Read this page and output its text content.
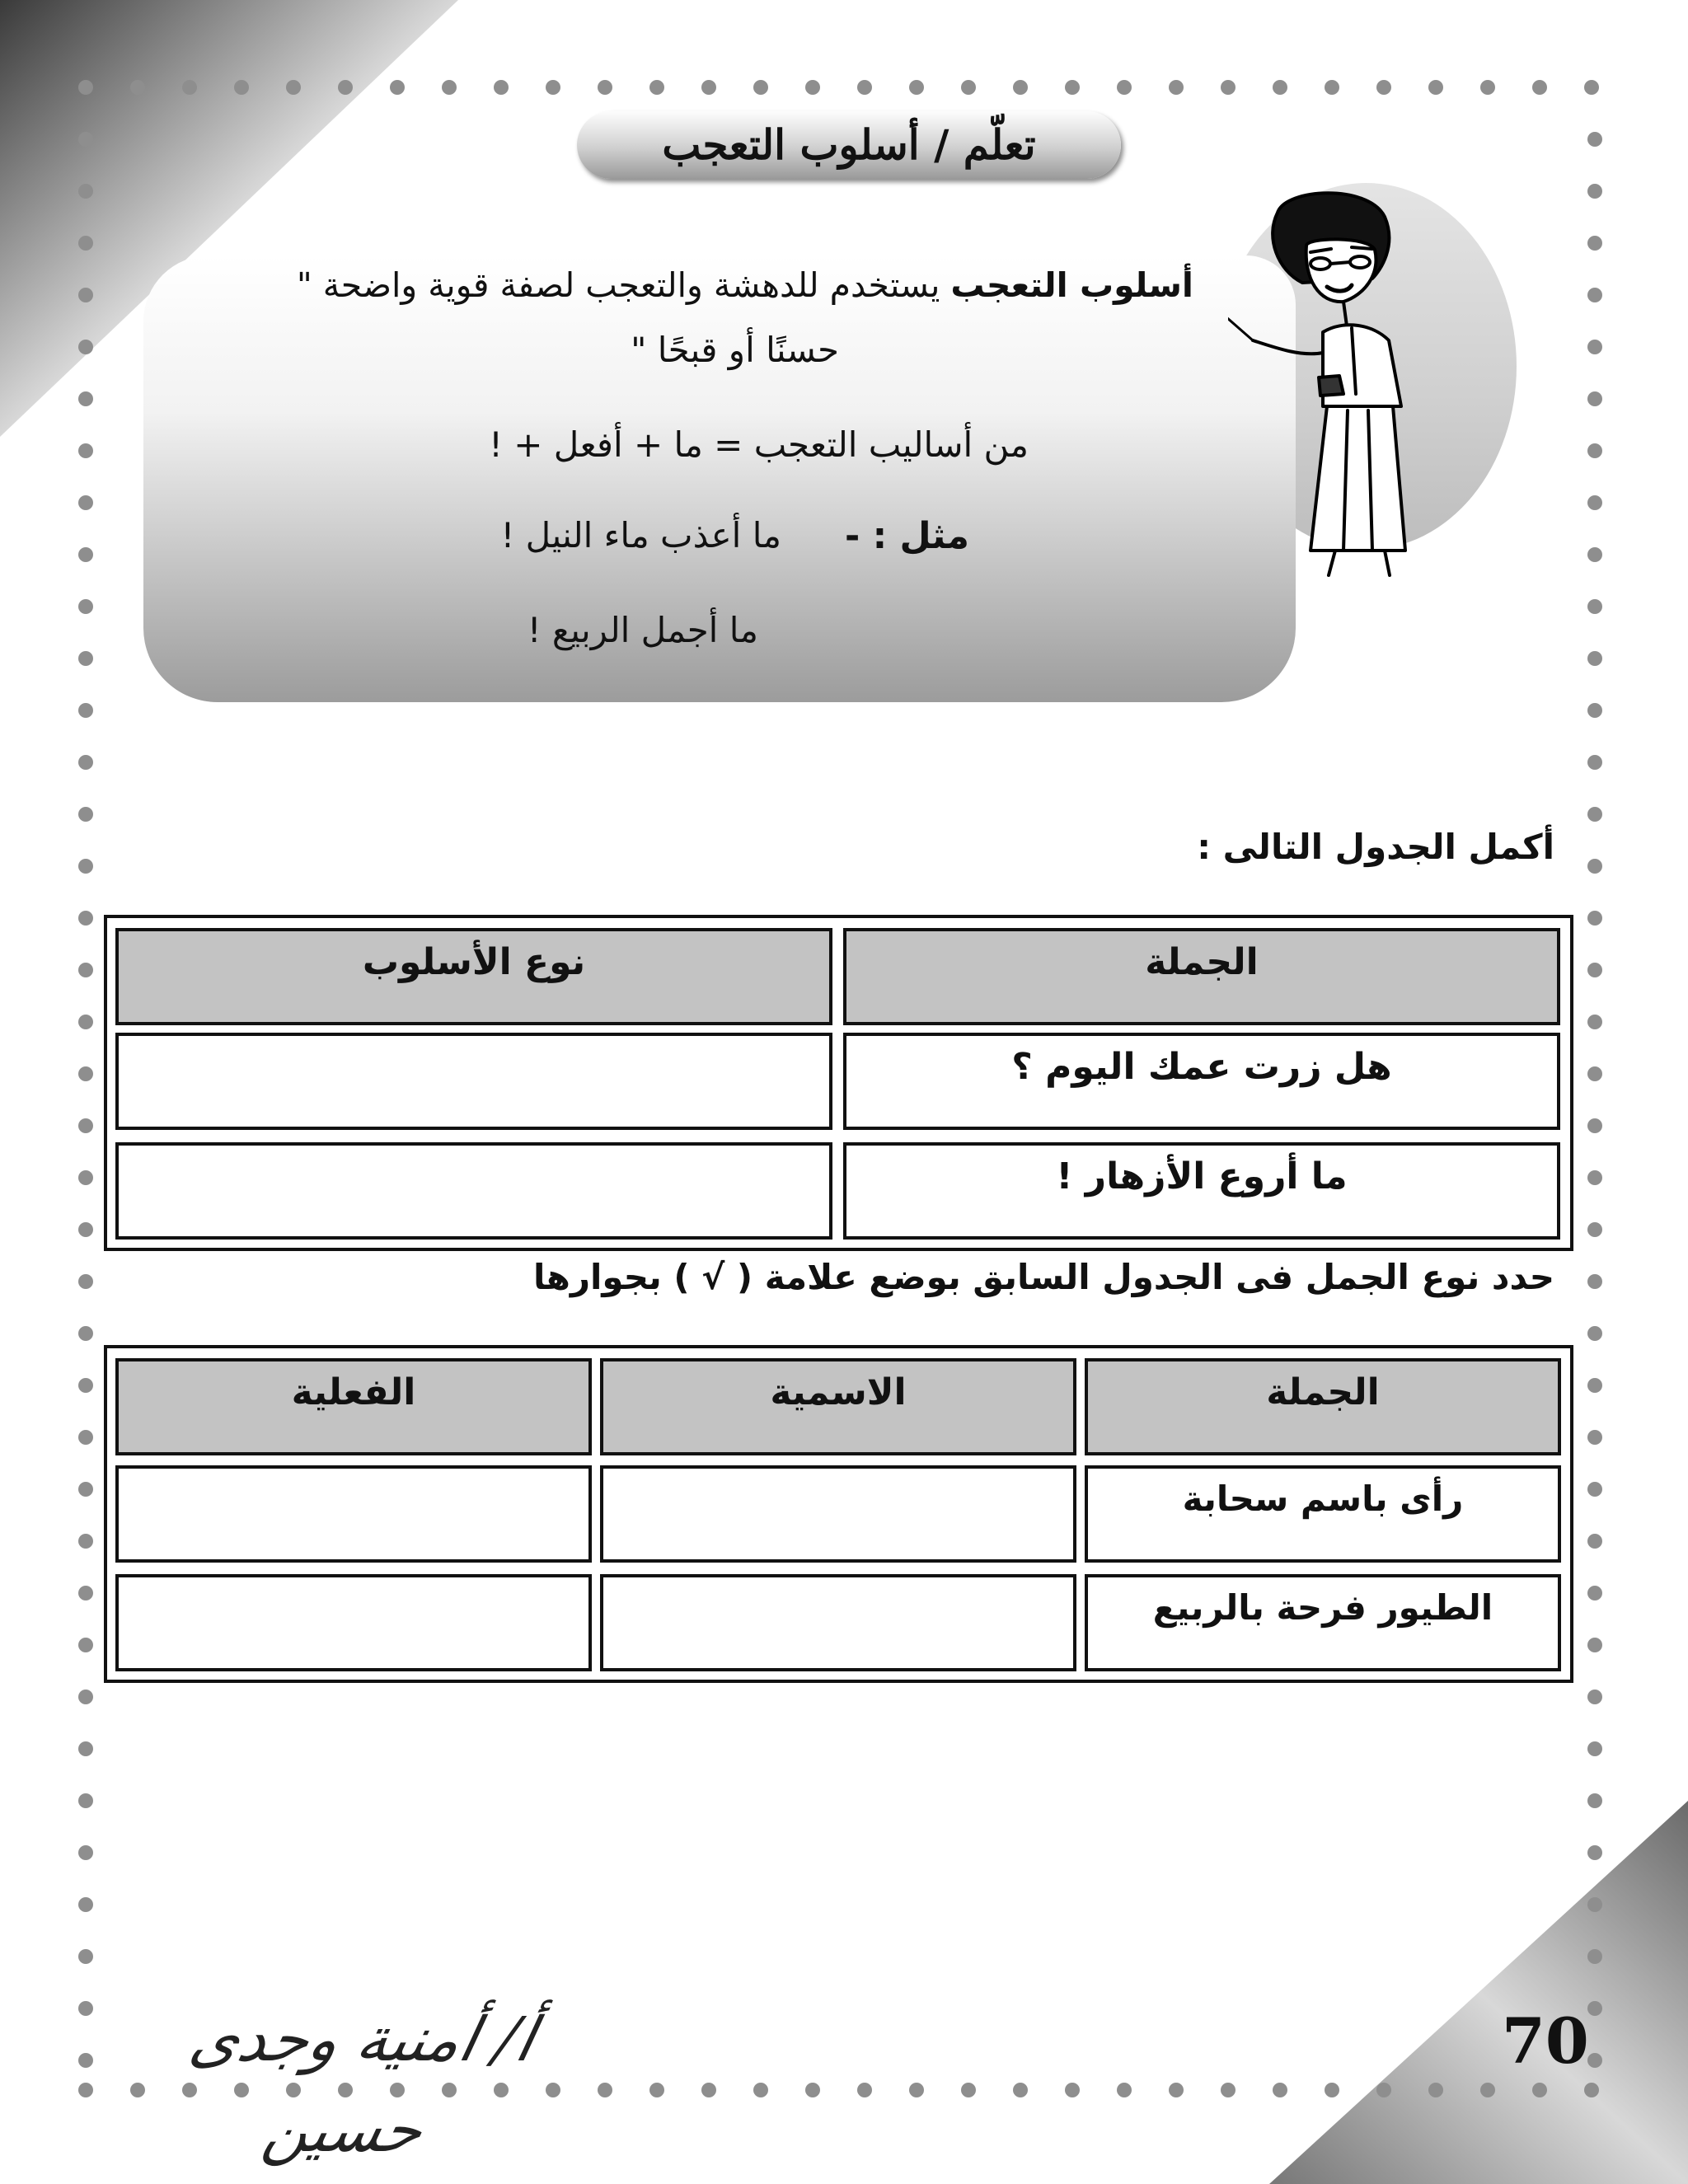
تعلّم / أسلوب التعجب
أسلوب التعجب يستخدم للدهشة والتعجب لصفة قوية واضحة "
حسنًا أو قبحًا "
من أساليب التعجب = ما + أفعل + !
مثل : -
ما أعذب ماء النيل !
ما أجمل الربيع !
أكمل الجدول التالى :
الجملة
نوع الأسلوب
هل زرت عمك اليوم ؟
ما أروع الأزهار !
حدد نوع الجمل فى الجدول السابق بوضع علامة ( √ ) بجوارها
الجملة
الاسمية
الفعلية
رأى باسم سحابة
الطيور فرحة بالربيع
أ/ أمنية وجدى حسين
70
